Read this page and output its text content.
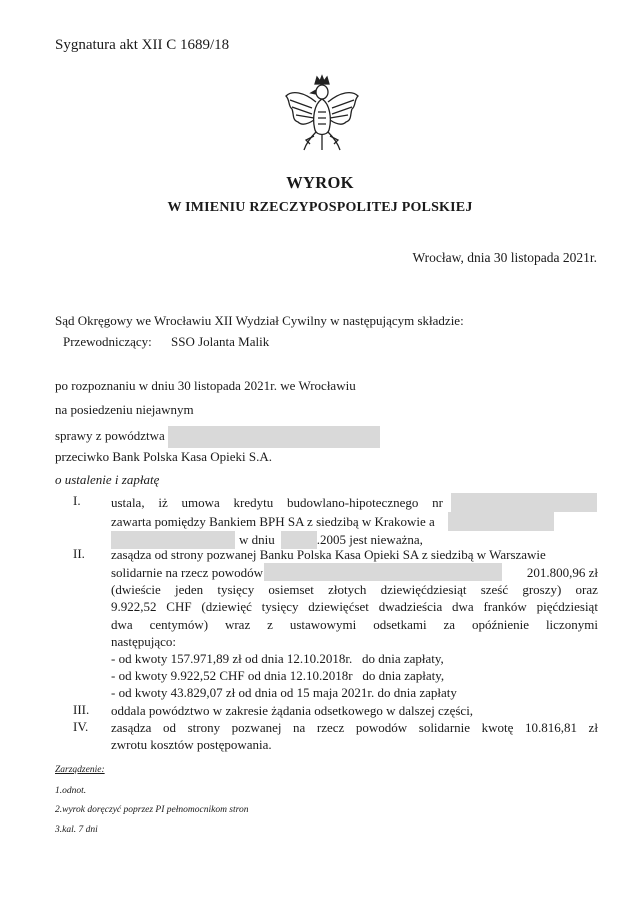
Sygnatura akt XII C 1689/18
WYROK
W IMIENIU RZECZYPOSPOLITEJ POLSKIEJ
Wrocław, dnia 30 listopada 2021r.
Sąd Okręgowy we Wrocławiu XII Wydział Cywilny w następującym składzie:
Przewodniczący: SSO Jolanta Malik
po rozpoznaniu w dniu 30 listopada 2021r. we Wrocławiu
na posiedzeniu niejawnym
sprawy z powództwa
przeciwko Bank Polska Kasa Opieki S.A.
o ustalenie i zapłatę
I.
II.
III.
IV.
ustala, iż umowa kredytu budowlano-hipotecznego nr
zawarta pomiędzy Bankiem BPH SA z siedzibą w Krakowie a
w dniu	.2005 jest nieważna,
zasądza od strony pozwanej Banku Polska Kasa Opieki SA z siedzibą w Warszawie
solidarnie na rzecz powodów	201.800,96 zł
(dwieście jeden tysięcy osiemset złotych dziewięćdziesiąt sześć groszy) oraz
9.922,52 CHF (dziewięć tysięcy dziewięćset dwadzieścia dwa franków pięćdziesiąt
dwa centymów) wraz z ustawowymi odsetkami za opóźnienie liczonymi
następująco:
- od kwoty 157.971,89 zł od dnia 12.10.2018r.   do dnia zapłaty,
- od kwoty 9.922,52 CHF od dnia 12.10.2018r   do dnia zapłaty,
- od kwoty 43.829,07 zł od dnia od 15 maja 2021r. do dnia zapłaty
oddala powództwo w zakresie żądania odsetkowego w dalszej części,
zasądza od strony pozwanej na rzecz powodów solidarnie kwotę 10.816,81 zł
zwrotu kosztów postępowania.
Zarządzenie:
1.odnot.
2.wyrok doręczyć poprzez PI pełnomocnikom stron
3.kal. 7 dni
